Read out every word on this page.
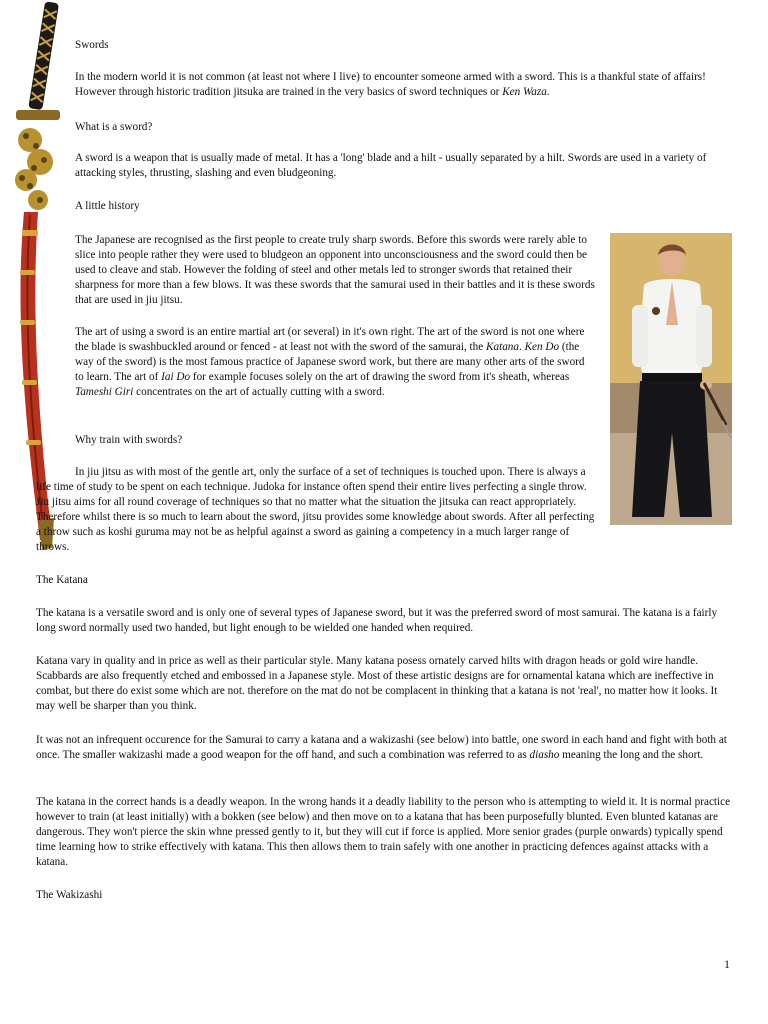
Swords

In the modern world it is not common (at least not where I live) to encounter someone armed with a sword. This is a thankful state of affairs! However through historic tradition jitsuka are trained in the very basics of sword techniques or Ken Waza.

What is a sword?

A sword is a weapon that is usually made of metal. It has a 'long' blade and a hilt - usually separated by a hilt. Swords are used in a variety of attacking styles, thrusting, slashing and even bludgeoning.

A little history

The Japanese are recognised as the first people to create truly sharp swords. Before this swords were rarely able to slice into people rather they were used to bludgeon an opponent into unconsciousness and the sword could then be used to cleave and stab. However the folding of steel and other metals led to stronger swords that retained their sharpness for more than a few blows. It was these swords that the samurai used in their battles and it is these swords that are used in jiu jitsu.

The art of using a sword is an entire martial art (or several) in it's own right. The art of the sword is not one where the blade is swashbuckled around or fenced - at least not with the sword of the samurai, the Katana. Ken Do (the way of the sword) is the most famous practice of Japanese sword work, but there are many other arts of the sword to learn. The art of Iai Do for example focuses solely on the art of drawing the sword from it's sheath, whereas Tameshi Giri concentrates on the art of actually cutting with a sword.

Why train with swords?

In jiu jitsu as with most of the gentle art, only the surface of a set of techniques is touched upon. There is always a life time of study to be spent on each technique. Judoka for instance often spend their entire lives perfecting a single throw. Jiu jitsu aims for all round coverage of techniques so that no matter what the situation the jitsuka can react appropriately. Therefore whilst there is so much to learn about the sword, jitsu provides some knowledge about swords. After all perfecting a throw such as koshi guruma may not be as helpful against a sword as gaining a competency in a much larger range of throws.

The Katana

The katana is a versatile sword and is only one of several types of Japanese sword, but it was the preferred sword of most samurai. The katana is a fairly long sword normally used two handed, but light enough to be wielded one handed when required.

Katana vary in quality and in price as well as their particular style. Many katana posess ornately carved hilts with dragon heads or gold wire handle. Scabbards are also frequently etched and embossed in a Japanese style. Most of these artistic designs are for ornamental katana which are ineffective in combat, but there do exist some which are not. therefore on the mat do not be complacent in thinking that a katana is not 'real', no matter how it looks. It may well be sharper than you think.

It was not an infrequent occurence for the Samurai to carry a katana and a wakizashi (see below) into battle, one sword in each hand and fight with both at once. The smaller wakizashi made a good weapon for the off hand, and such a combination was referred to as diasho meaning the long and the short.

The katana in the correct hands is a deadly weapon. In the wrong hands it a deadly liability to the person who is attempting to wield it. It is normal practice however to train (at least initially) with a bokken (see below) and then move on to a katana that has been purposefully blunted. Even blunted katanas are dangerous. They won't pierce the skin whne pressed gently to it, but they will cut if force is applied. More senior grades (purple onwards) typically spend time learning how to strike effectively with katana. This then allows them to train safely with one another in practicing defences against attacks with a katana.

The Wakizashi

1
